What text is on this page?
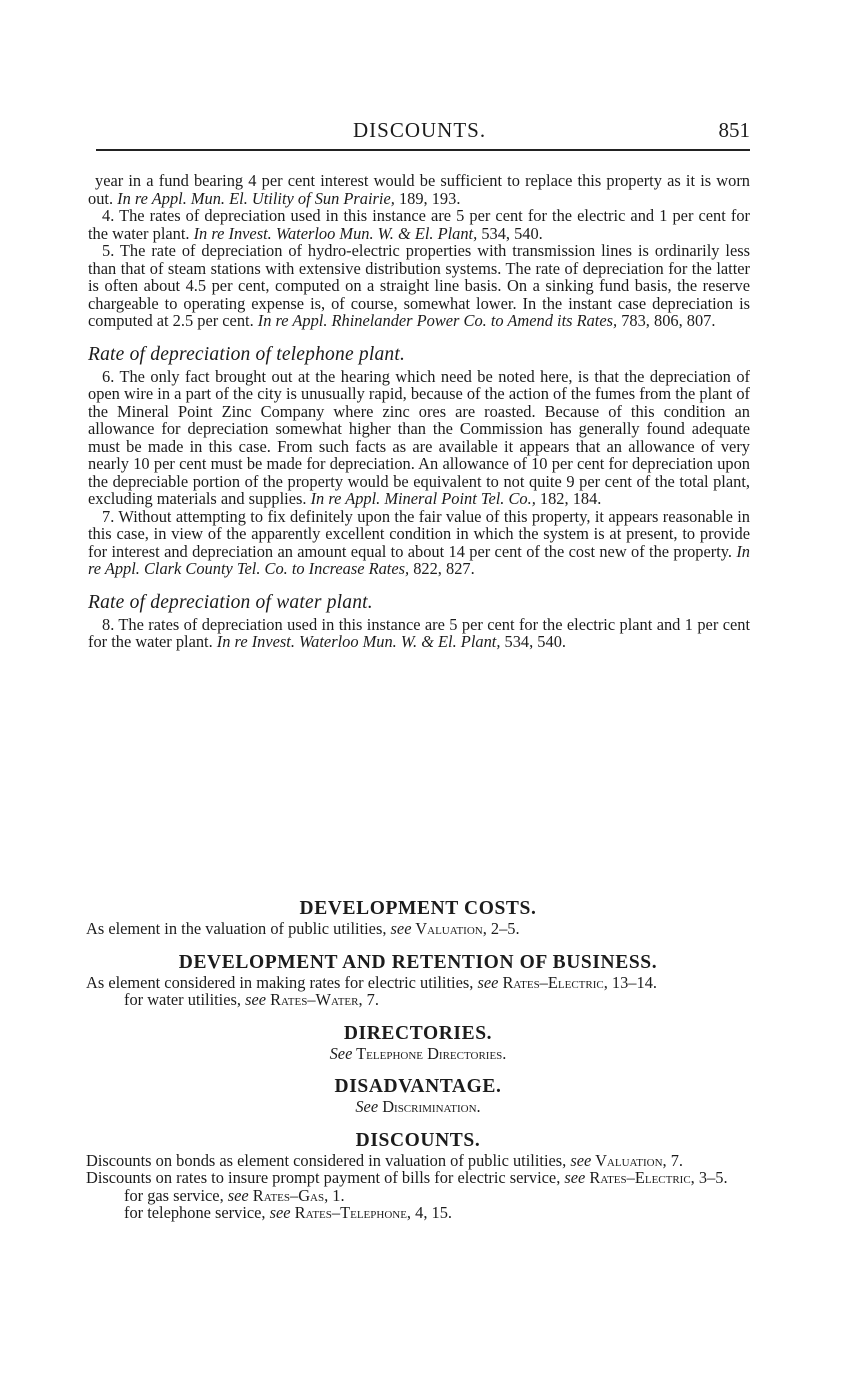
DISCOUNTS.	851

year in a fund bearing 4 per cent interest would be sufficient to replace this property as it is worn out. In re Appl. Mun. El. Utility of Sun Prairie, 189, 193.

4. The rates of depreciation used in this instance are 5 per cent for the electric and 1 per cent for the water plant. In re Invest. Waterloo Mun. W. & El. Plant, 534, 540.

5. The rate of depreciation of hydro-electric properties with transmission lines is ordinarily less than that of steam stations with extensive distribution systems. The rate of depreciation for the latter is often about 4.5 per cent, computed on a straight line basis. On a sinking fund basis, the reserve chargeable to operating expense is, of course, somewhat lower. In the instant case depreciation is computed at 2.5 per cent. In re Appl. Rhinelander Power Co. to Amend its Rates, 783, 806, 807.

Rate of depreciation of telephone plant.

6. The only fact brought out at the hearing which need be noted here, is that the depreciation of open wire in a part of the city is unusually rapid, because of the action of the fumes from the plant of the Mineral Point Zinc Company where zinc ores are roasted. Because of this condition an allowance for depreciation somewhat higher than the Commission has generally found adequate must be made in this case. From such facts as are available it appears that an allowance of very nearly 10 per cent must be made for depreciation. An allowance of 10 per cent for depreciation upon the depreciable portion of the property would be equivalent to not quite 9 per cent of the total plant, excluding materials and supplies. In re Appl. Mineral Point Tel. Co., 182, 184.

7. Without attempting to fix definitely upon the fair value of this property, it appears reasonable in this case, in view of the apparently excellent condition in which the system is at present, to provide for interest and depreciation an amount equal to about 14 per cent of the cost new of the property. In re Appl. Clark County Tel. Co. to Increase Rates, 822, 827.

Rate of depreciation of water plant.

8. The rates of depreciation used in this instance are 5 per cent for the electric plant and 1 per cent for the water plant. In re Invest. Waterloo Mun. W. & El. Plant, 534, 540.

DEVELOPMENT COSTS.

As element in the valuation of public utilities, see Valuation, 2–5.

DEVELOPMENT AND RETENTION OF BUSINESS.

As element considered in making rates for electric utilities, see Rates–Electric, 13–14.

for water utilities, see Rates–Water, 7.

DIRECTORIES.

See Telephone Directories.

DISADVANTAGE.

See Discrimination.

DISCOUNTS.

Discounts on bonds as element considered in valuation of public utilities, see Valuation, 7.

Discounts on rates to insure prompt payment of bills for electric service, see Rates–Electric, 3–5.

for gas service, see Rates–Gas, 1.

for telephone service, see Rates–Telephone, 4, 15.
